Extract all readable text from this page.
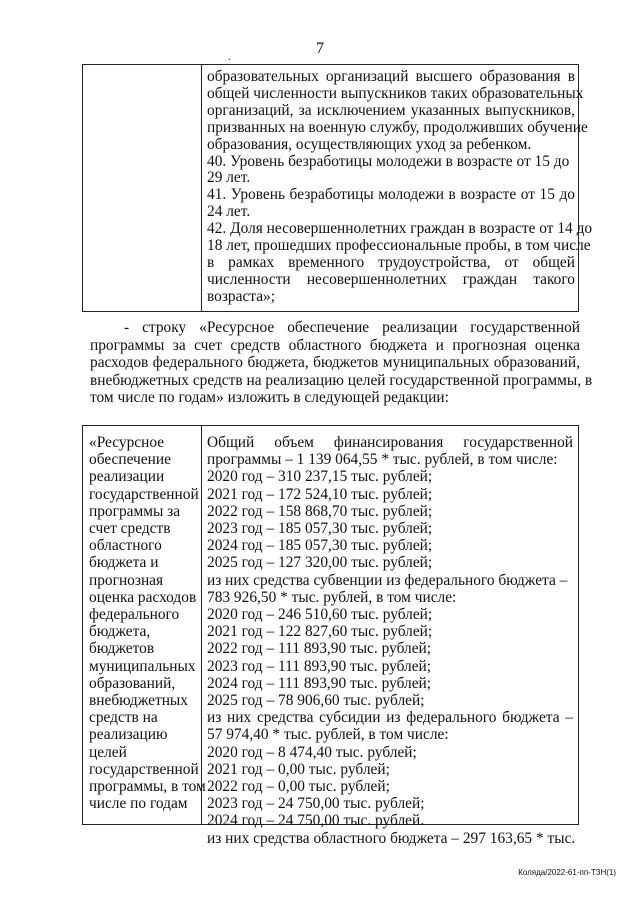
7
.
образовательных организаций высшего образования в
общей численности выпускников таких образовательных
организаций, за исключением указанных выпускников,
призванных на военную службу, продолживших обучение
образования, осуществляющих уход за ребенком.
40. Уровень безработицы молодежи в возрасте от 15 до
29 лет.
41. Уровень безработицы молодежи в возрасте от 15 до
24 лет.
42. Доля несовершеннолетних граждан в возрасте от 14 до
18 лет, прошедших профессиональные пробы, в том числе
в рамках временного трудоустройства, от общей
численности несовершеннолетних граждан такого
возраста»;
- строку «Ресурсное обеспечение реализации государственной
программы за счет средств областного бюджета и прогнозная оценка
расходов федерального бюджета, бюджетов муниципальных образований,
внебюджетных средств на реализацию целей государственной программы, в
том числе по годам» изложить в следующей редакции:
«Ресурсное
обеспечение
реализации
государственной
программы за
счет средств
областного
бюджета и
прогнозная
оценка расходов
федерального
бюджета,
бюджетов
муниципальных
образований,
внебюджетных
средств на
реализацию
целей
государственной
программы, в том
числе по годам
Общий объем финансирования государственной
программы – 1 139 064,55 * тыс. рублей, в том числе:
2020 год – 310 237,15 тыс. рублей;
2021 год – 172 524,10 тыс. рублей;
2022 год – 158 868,70 тыс. рублей;
2023 год – 185 057,30 тыс. рублей;
2024 год – 185 057,30 тыс. рублей;
2025 год – 127 320,00 тыс. рублей;
из них средства субвенции из федерального бюджета –
783 926,50 * тыс. рублей, в том числе:
2020 год – 246 510,60 тыс. рублей;
2021 год – 122 827,60 тыс. рублей;
2022 год – 111 893,90 тыс. рублей;
2023 год – 111 893,90 тыс. рублей;
2024 год – 111 893,90 тыс. рублей;
2025 год – 78 906,60 тыс. рублей;
из них средства субсидии из федерального бюджета –
57 974,40 * тыс. рублей, в том числе:
2020 год – 8 474,40 тыс. рублей;
2021 год – 0,00 тыс. рублей;
2022 год – 0,00 тыс. рублей;
2023 год – 24 750,00 тыс. рублей;
2024 год – 24 750,00 тыс. рублей.
из них средства областного бюджета – 297 163,65 * тыс.
Коляда/2022-61-пп-ТЗН(1)
